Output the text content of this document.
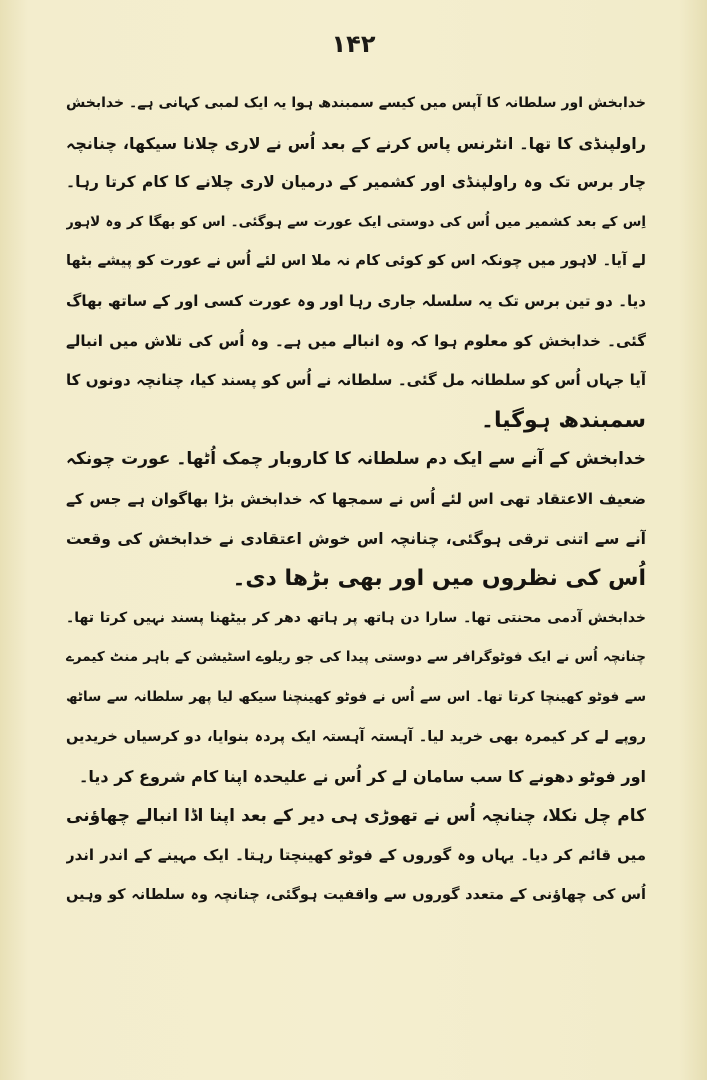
۱۴۲
خدابخش اور سلطانہ کا آپس میں کیسے سمبندھ ہوا یہ ایک لمبی کہانی ہے۔ خدابخش
راولپنڈی کا تھا۔ انٹرنس پاس کرنے کے بعد اُس نے لاری چلانا سیکھا، چنانچہ
چار برس تک وہ راولپنڈی اور کشمیر کے درمیان لاری چلانے کا کام کرتا رہا۔
اِس کے بعد کشمیر میں اُس کی دوستی ایک عورت سے ہوگئی۔ اس کو بھگا کر وہ لاہور
لے آیا۔ لاہور میں چونکہ اس کو کوئی کام نہ ملا اس لئے اُس نے عورت کو پیشے بٹھا
دیا۔ دو تین برس تک یہ سلسلہ جاری رہا اور وہ عورت کسی اور کے ساتھ بھاگ
گئی۔ خدابخش کو معلوم ہوا کہ وہ انبالے میں ہے۔ وہ اُس کی تلاش میں انبالے
آیا جہاں اُس کو سلطانہ مل گئی۔ سلطانہ نے اُس کو پسند کیا، چنانچہ دونوں کا
سمبندھ ہوگیا۔
خدابخش کے آنے سے ایک دم سلطانہ کا کاروبار چمک اُٹھا۔ عورت چونکہ
ضعیف الاعتقاد تھی اس لئے اُس نے سمجھا کہ خدابخش بڑا بھاگوان ہے جس کے
آنے سے اتنی ترقی ہوگئی، چنانچہ اس خوش اعتقادی نے خدابخش کی وقعت
اُس کی نظروں میں اور بھی بڑھا دی۔
خدابخش آدمی محنتی تھا۔ سارا دن ہاتھ پر ہاتھ دھر کر بیٹھنا پسند نہیں کرتا تھا۔
چنانچہ اُس نے ایک فوٹوگرافر سے دوستی پیدا کی جو ریلوے اسٹیشن کے باہر منٹ کیمرے
سے فوٹو کھینچا کرتا تھا۔ اس سے اُس نے فوٹو کھینچنا سیکھ لیا پھر سلطانہ سے ساٹھ
روپے لے کر کیمرہ بھی خرید لیا۔ آہستہ آہستہ ایک پردہ بنوایا، دو کرسیاں خریدیں
اور فوٹو دھونے کا سب سامان لے کر اُس نے علیحدہ اپنا کام شروع کر دیا۔
کام چل نکلا، چنانچہ اُس نے تھوڑی ہی دیر کے بعد اپنا اڈا انبالے چھاؤنی
میں قائم کر دیا۔ یہاں وہ گوروں کے فوٹو کھینچتا رہتا۔ ایک مہینے کے اندر اندر
اُس کی چھاؤنی کے متعدد گوروں سے واقفیت ہوگئی، چنانچہ وہ سلطانہ کو وہیں
